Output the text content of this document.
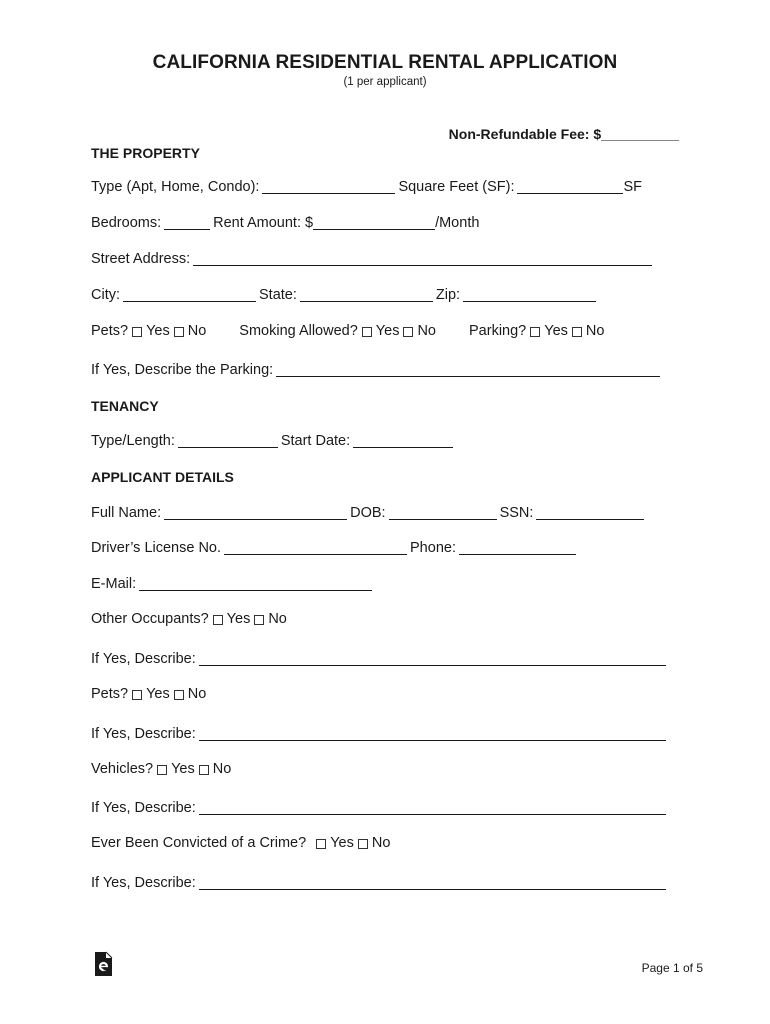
CALIFORNIA RESIDENTIAL RENTAL APPLICATION
(1 per applicant)
Non-Refundable Fee: $__________
THE PROPERTY
Type (Apt, Home, Condo):	Square Feet (SF):	SF
Bedrooms:	Rent Amount: $	/Month
Street Address:
City:	State:	Zip:
Pets? Yes No Smoking Allowed? Yes No Parking? Yes No
If Yes, Describe the Parking:
TENANCY
Type/Length:	Start Date:
APPLICANT DETAILS
Full Name:	DOB:	SSN:
Driver’s License No.	Phone:
E-Mail:
Other Occupants? Yes No
If Yes, Describe:
Pets? Yes No
If Yes, Describe:
Vehicles? Yes No
If Yes, Describe:
Ever Been Convicted of a Crime? Yes No
If Yes, Describe:
Page 1 of 5
